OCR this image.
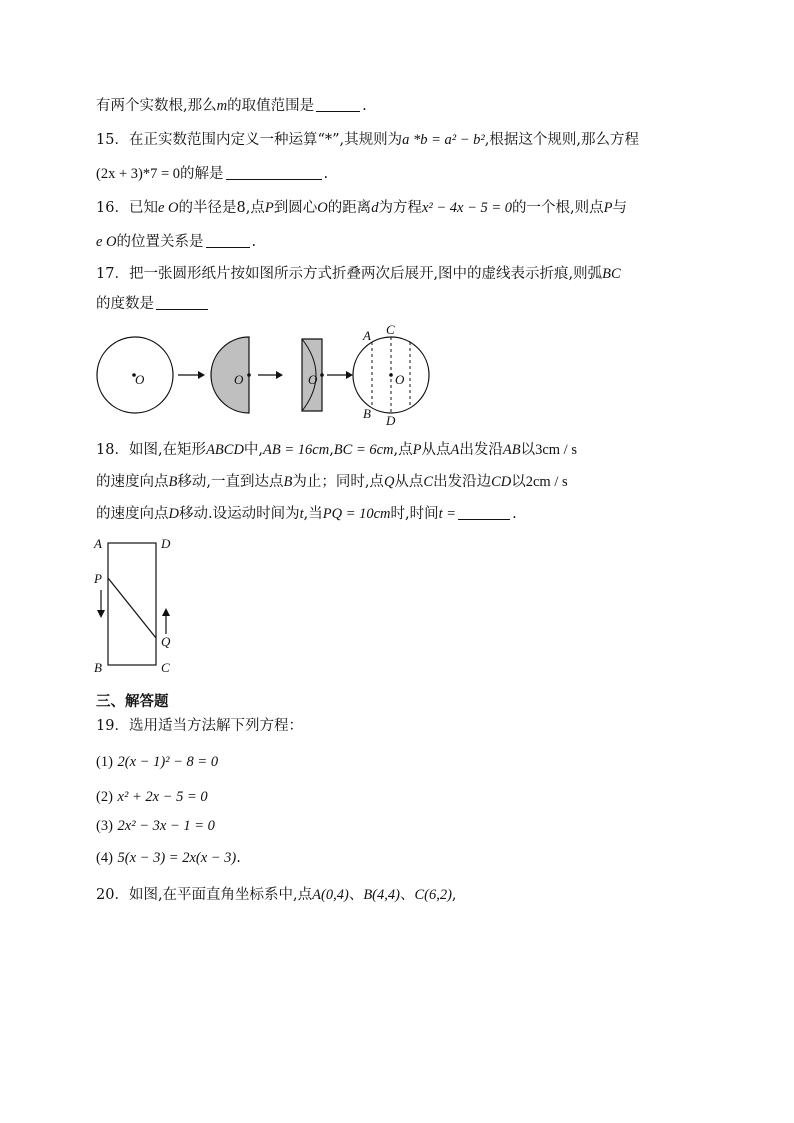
有两个实数根,那么m的取值范围是	.
15．在正实数范围内定义一种运算“*”,其规则为a *b = a² − b²,根据这个规则,那么方程
(2x + 3)*7 = 0的解是	.
16．已知e O的半径是8,点P到圆心O的距离d为方程x² − 4x − 5 = 0的一个根,则点P与
e O的位置关系是	.
17．把一张圆形纸片按如图所示方式折叠两次后展开,图中的虚线表示折痕,则弧BC
的度数是
O	O	O	O
A C
B D
18．如图,在矩形ABCD中,AB = 16cm,BC = 6cm,点P从点A出发沿AB以3cm / s
的速度向点B移动,一直到达点B为止；同时,点Q从点C出发沿边CD以2cm / s
的速度向点D移动.设运动时间为t,当PQ = 10cm时,时间t =	.
A	D
P
Q
B	C
三、解答题
19．选用适当方法解下列方程：
(1) 2(x − 1)² − 8 = 0
(2) x² + 2x − 5 = 0
(3) 2x² − 3x − 1 = 0
(4) 5(x − 3) = 2x(x − 3).
20．如图,在平面直角坐标系中,点A(0,4)、B(4,4)、C(6,2),
